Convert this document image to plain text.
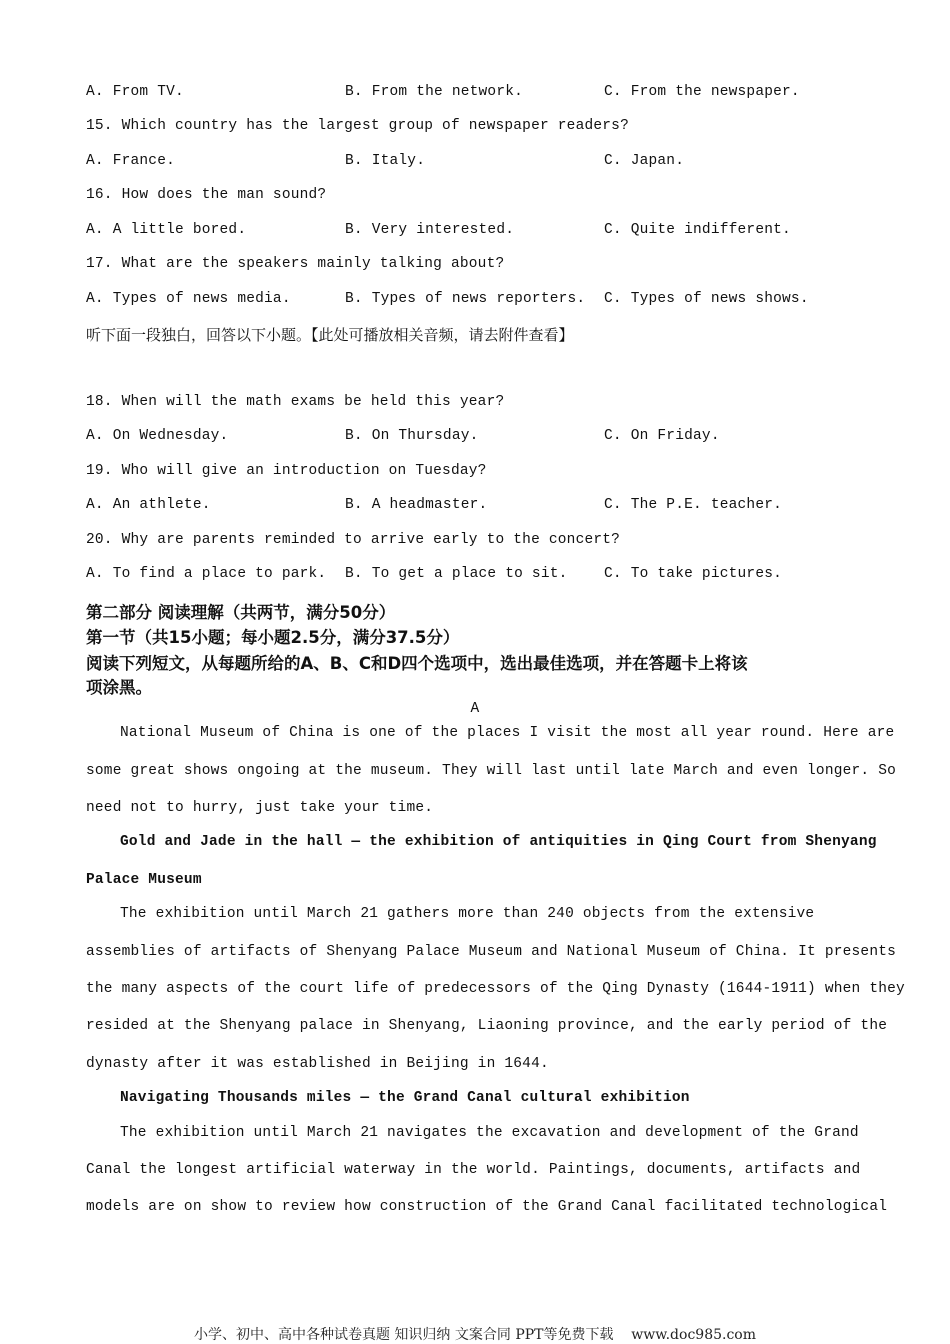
A. From TV.	B. From the network.	C. From the newspaper.
15. Which country has the largest group of newspaper readers?
A. France.	B. Italy.	C. Japan.
16. How does the man sound?
A. A little bored.	B. Very interested.	C. Quite indifferent.
17. What are the speakers mainly talking about?
A. Types of news media.	B. Types of news reporters. C. Types of news shows.
听下面一段独白，回答以下小题。【此处可播放相关音频，请去附件查看】
18. When will the math exams be held this year?
A. On Wednesday.	B. On Thursday.	C. On Friday.
19. Who will give an introduction on Tuesday?
A. An athlete.	B. A headmaster.	C. The P.E. teacher.
20. Why are parents reminded to arrive early to the concert?
A. To find a place to park. B. To get a place to sit.	C. To take pictures.
第二部分 阅读理解（共两节，满分50分）
第一节（共15小题；每小题2.5分，满分37.5分）
阅读下列短文，从每题所给的A、B、C和D四个选项中，选出最佳选项，并在答题卡上将该
项涂黑。
A
National Museum of China is one of the places I visit the most all year round. Here are
some great shows ongoing at the museum. They will last until late March and even longer. So
need not to hurry, just take your time.
Gold and Jade in the hall — the exhibition of antiquities in Qing Court from Shenyang
Palace Museum
The exhibition until March 21 gathers more than 240 objects from the extensive
assemblies of artifacts of Shenyang Palace Museum and National Museum of China. It presents
the many aspects of the court life of predecessors of the Qing Dynasty (1644-1911) when they
resided at the Shenyang palace in Shenyang, Liaoning province, and the early period of the
dynasty after it was established in Beijing in 1644.
Navigating Thousands miles — the Grand Canal cultural exhibition
The exhibition until March 21 navigates the excavation and development of the Grand
Canal the longest artificial waterway in the world. Paintings, documents, artifacts and
models are on show to review how construction of the Grand Canal facilitated technological
小学、初中、高中各种试卷真题 知识归纳 文案合同 PPT等免费下载    www.doc985.com
